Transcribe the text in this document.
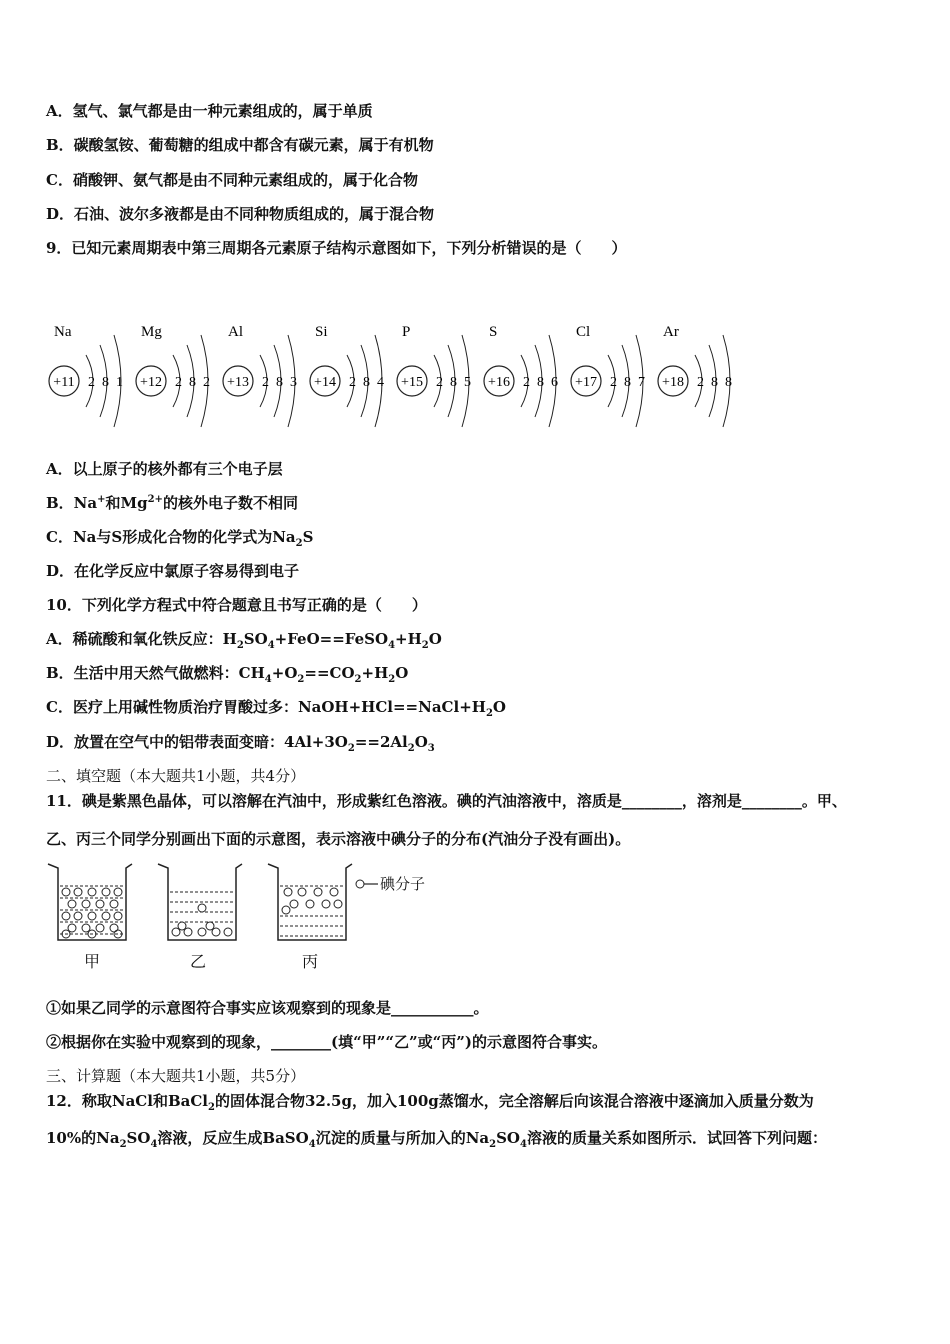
A．氢气、氯气都是由一种元素组成的，属于单质
B．碳酸氢铵、葡萄糖的组成中都含有碳元素，属于有机物
C．硝酸钾、氨气都是由不同种元素组成的，属于化合物
D．石油、波尔多液都是由不同种物质组成的，属于混合物
9．已知元素周期表中第三周期各元素原子结构示意图如下，下列分析错误的是（　　）
Na
+11 2 8 1
Mg
+12 2 8 2
Al
+13 2 8 3
Si
+14 2 8 4
P
+15 2 8 5
S
+16 2 8 6
Cl
+17 2 8 7
Ar
+18 2 8 8
A．以上原子的核外都有三个电子层
B．Na+和$Mg^{2+}$的核外电子数不相同
C．Na与S形成化合物的化学式为$Na_2S$
D．在化学反应中氯原子容易得到电子
10．下列化学方程式中符合题意且书写正确的是（　　）
A．稀硫酸和氧化铁反应：$H_2SO_4+FeO==FeSO_4+H_2O$
B．生活中用天然气做燃料：$CH_4+O_2==CO_2+H_2O$
C．医疗上用碱性物质治疗胃酸过多：$NaOH+HCl==NaCl+H_2O$
D．放置在空气中的铝带表面变暗：$4Al+3O_2==2Al_2O_3$
二、填空题（本大题共1小题，共4分）
11．碘是紫黑色晶体，可以溶解在汽油中，形成紫红色溶液。碘的汽油溶液中，溶质是________，溶剂是________。甲、
乙、丙三个同学分别画出下面的示意图，表示溶液中碘分子的分布(汽油分子没有画出)。
碘分子
甲	乙	丙
①如果乙同学的示意图符合事实应该观察到的现象是___________。
②根据你在实验中观察到的现象，________(填“甲”“乙”或“丙”)的示意图符合事实。
三、计算题（本大题共1小题，共5分）
12．称取NaCl和BaCl$_2$的固体混合物32.5g，加入100g蒸馏水，完全溶解后向该混合溶液中逐滴加入质量分数为
10%的$Na_2SO_4$溶液，反应生成BaSO$_4$沉淀的质量与所加入的$Na_2SO_4$溶液的质量关系如图所示．试回答下列问题：
